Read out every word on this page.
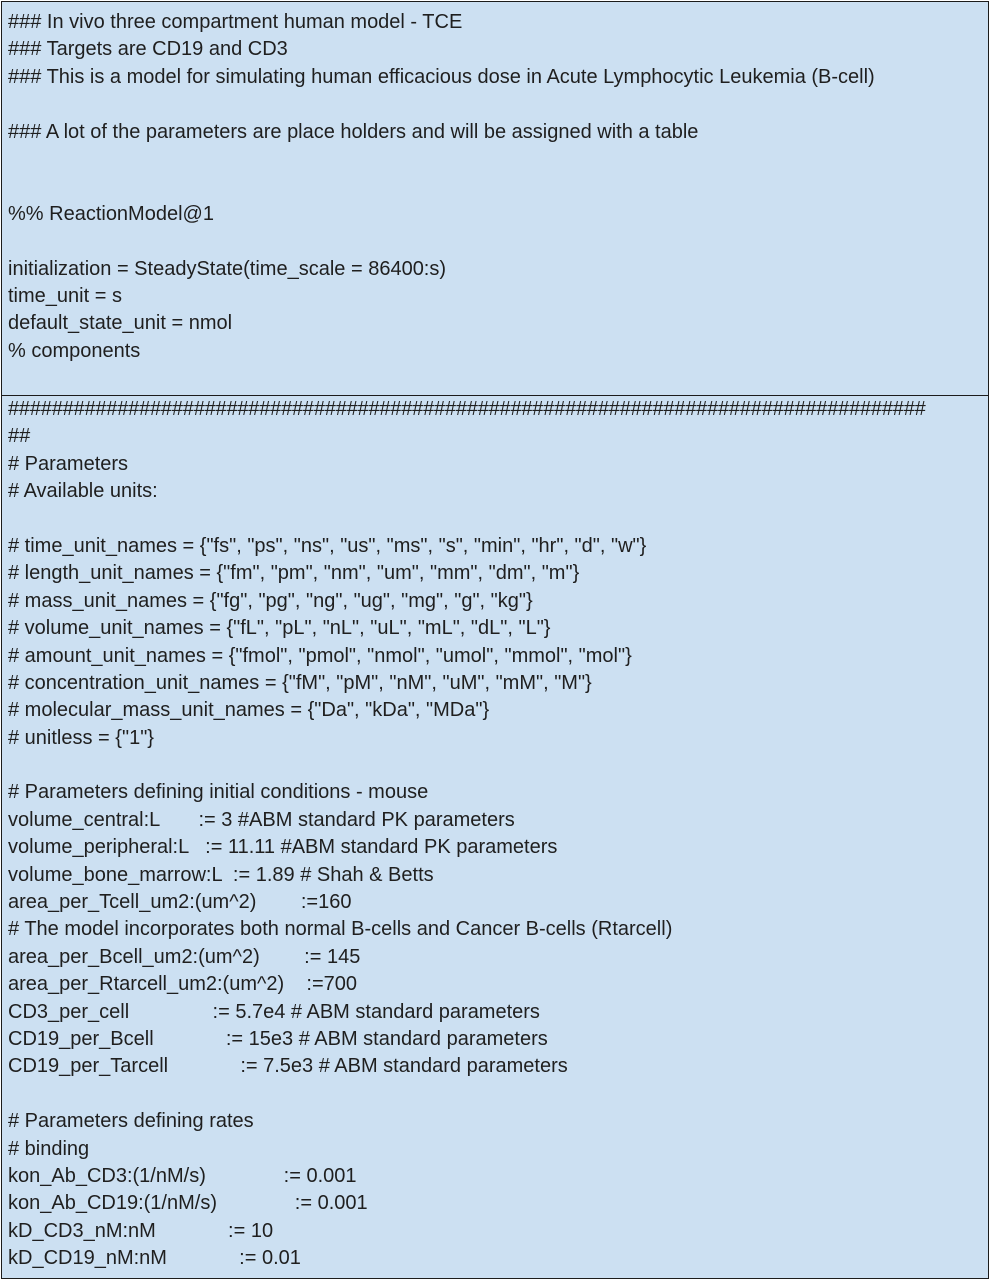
### In vivo three compartment human model - TCE
### Targets are CD19 and CD3
### This is a model for simulating human efficacious dose in Acute Lymphocytic Leukemia (B-cell)
### A lot of the parameters are place holders and will be assigned with a table
%% ReactionModel@1
initialization = SteadyState(time_scale = 86400:s)
time_unit = s
default_state_unit = nmol
% components
####################################################################################
##
# Parameters
# Available units:
# time_unit_names = {"fs", "ps", "ns", "us", "ms", "s", "min", "hr", "d", "w"}
# length_unit_names = {"fm", "pm", "nm", "um", "mm", "dm", "m"}
# mass_unit_names = {"fg", "pg", "ng", "ug", "mg", "g", "kg"}
# volume_unit_names = {"fL", "pL", "nL", "uL", "mL", "dL", "L"}
# amount_unit_names = {"fmol", "pmol", "nmol", "umol", "mmol", "mol"}
# concentration_unit_names = {"fM", "pM", "nM", "uM", "mM", "M"}
# molecular_mass_unit_names = {"Da", "kDa", "MDa"}
# unitless = {"1"}
# Parameters defining initial conditions - mouse
volume_central:L       := 3 #ABM standard PK parameters
volume_peripheral:L   := 11.11 #ABM standard PK parameters
volume_bone_marrow:L  := 1.89 # Shah & Betts
area_per_Tcell_um2:(um^2)        :=160
# The model incorporates both normal B-cells and Cancer B-cells (Rtarcell)
area_per_Bcell_um2:(um^2)        := 145
area_per_Rtarcell_um2:(um^2)    :=700
CD3_per_cell               := 5.7e4 # ABM standard parameters
CD19_per_Bcell             := 15e3 # ABM standard parameters
CD19_per_Tarcell             := 7.5e3 # ABM standard parameters
# Parameters defining rates
# binding
kon_Ab_CD3:(1/nM/s)              := 0.001
kon_Ab_CD19:(1/nM/s)              := 0.001
kD_CD3_nM:nM             := 10
kD_CD19_nM:nM             := 0.01
